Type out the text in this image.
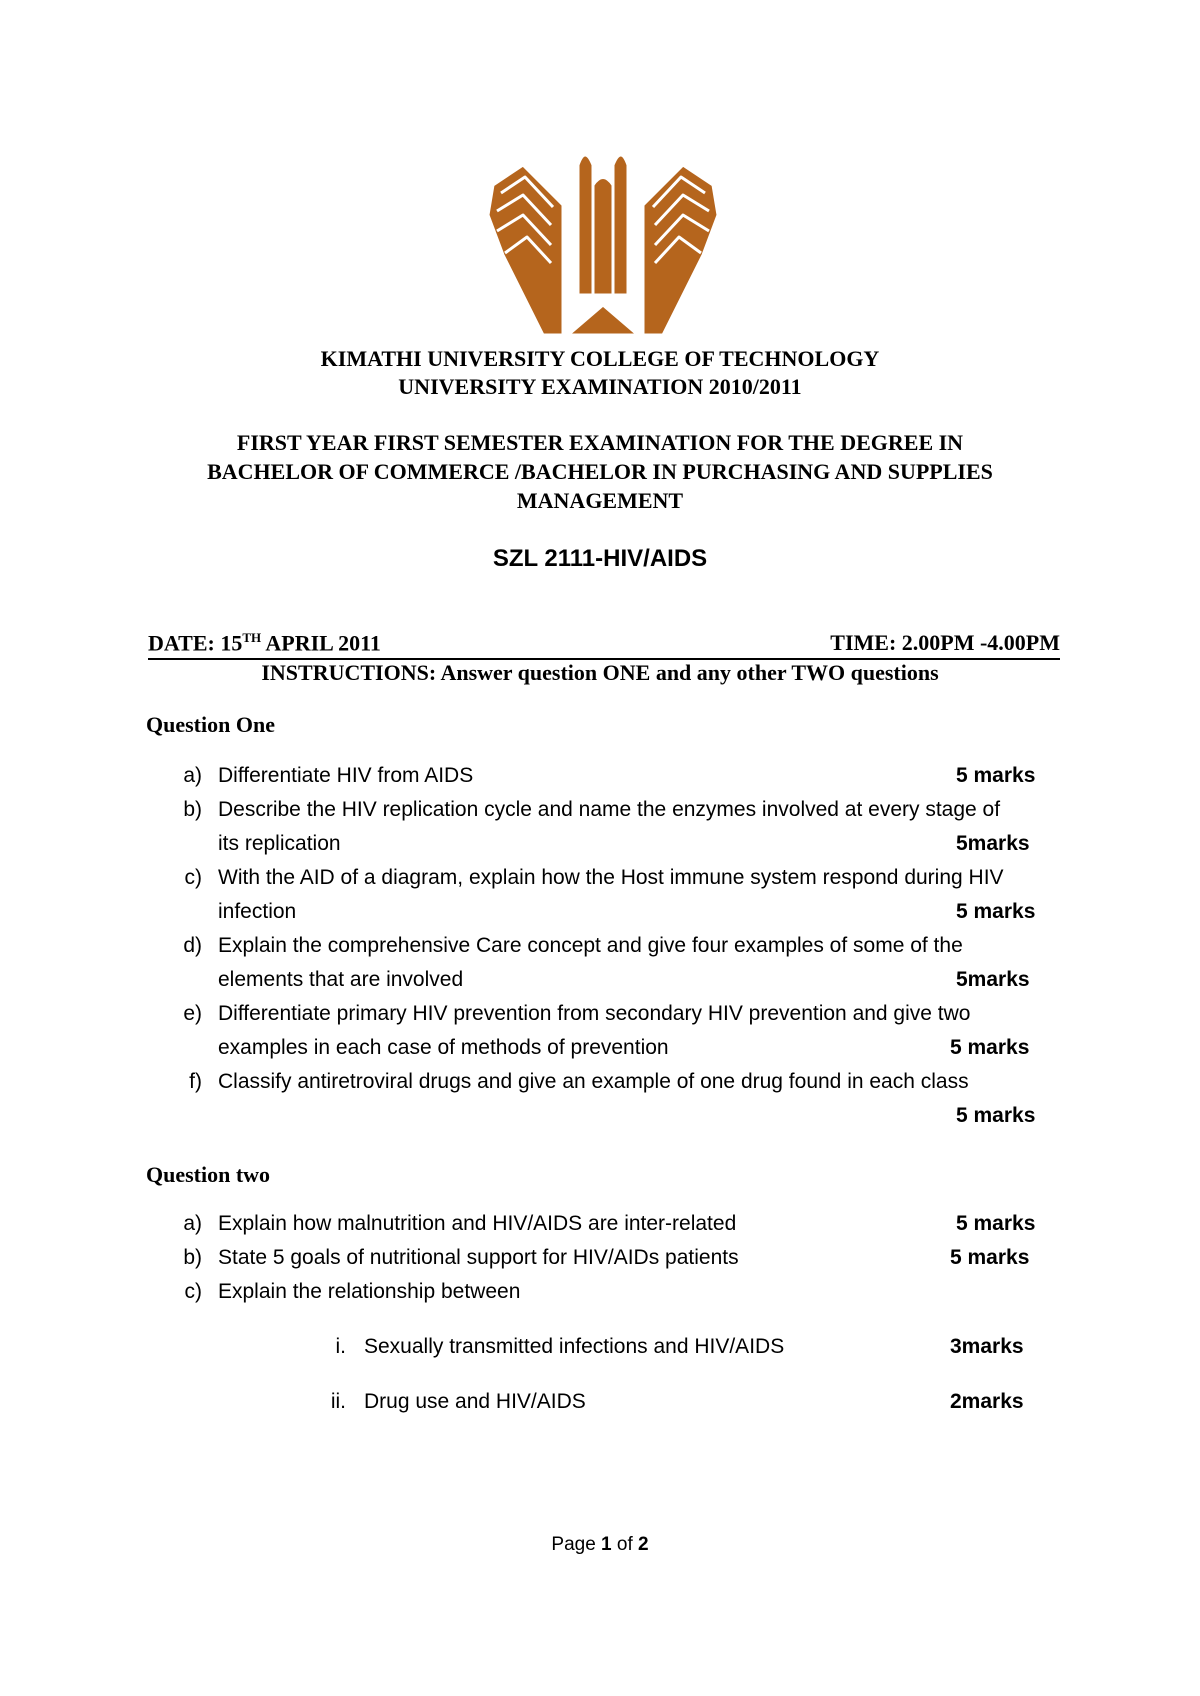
KIMATHI UNIVERSITY COLLEGE OF TECHNOLOGY
UNIVERSITY EXAMINATION 2010/2011
FIRST YEAR FIRST SEMESTER EXAMINATION FOR THE DEGREE IN
BACHELOR OF COMMERCE /BACHELOR IN PURCHASING AND SUPPLIES
MANAGEMENT
SZL 2111-HIV/AIDS
DATE: 15TH APRIL 2011	TIME: 2.00PM -4.00PM
INSTRUCTIONS: Answer question ONE and any other TWO questions
Question One
a) Differentiate HIV from AIDS	5 marks
b) Describe the HIV replication cycle and name the enzymes involved at every stage of
its replication	5marks
c) With the AID of a diagram, explain how the Host immune system respond during HIV
infection	5 marks
d) Explain the comprehensive Care concept and give four examples of some of the
elements that are involved	5marks
e) Differentiate primary HIV prevention from secondary HIV prevention and give two
examples in each case of methods of prevention	5 marks
f) Classify antiretroviral drugs and give an example of one drug found in each class
5 marks
Question two
a) Explain how malnutrition and HIV/AIDS are inter-related	5 marks
b) State 5 goals of nutritional support for HIV/AIDs patients	5 marks
c) Explain the relationship between
i. Sexually transmitted infections and HIV/AIDS	3marks
ii. Drug use and HIV/AIDS	2marks
Page 1 of 2
